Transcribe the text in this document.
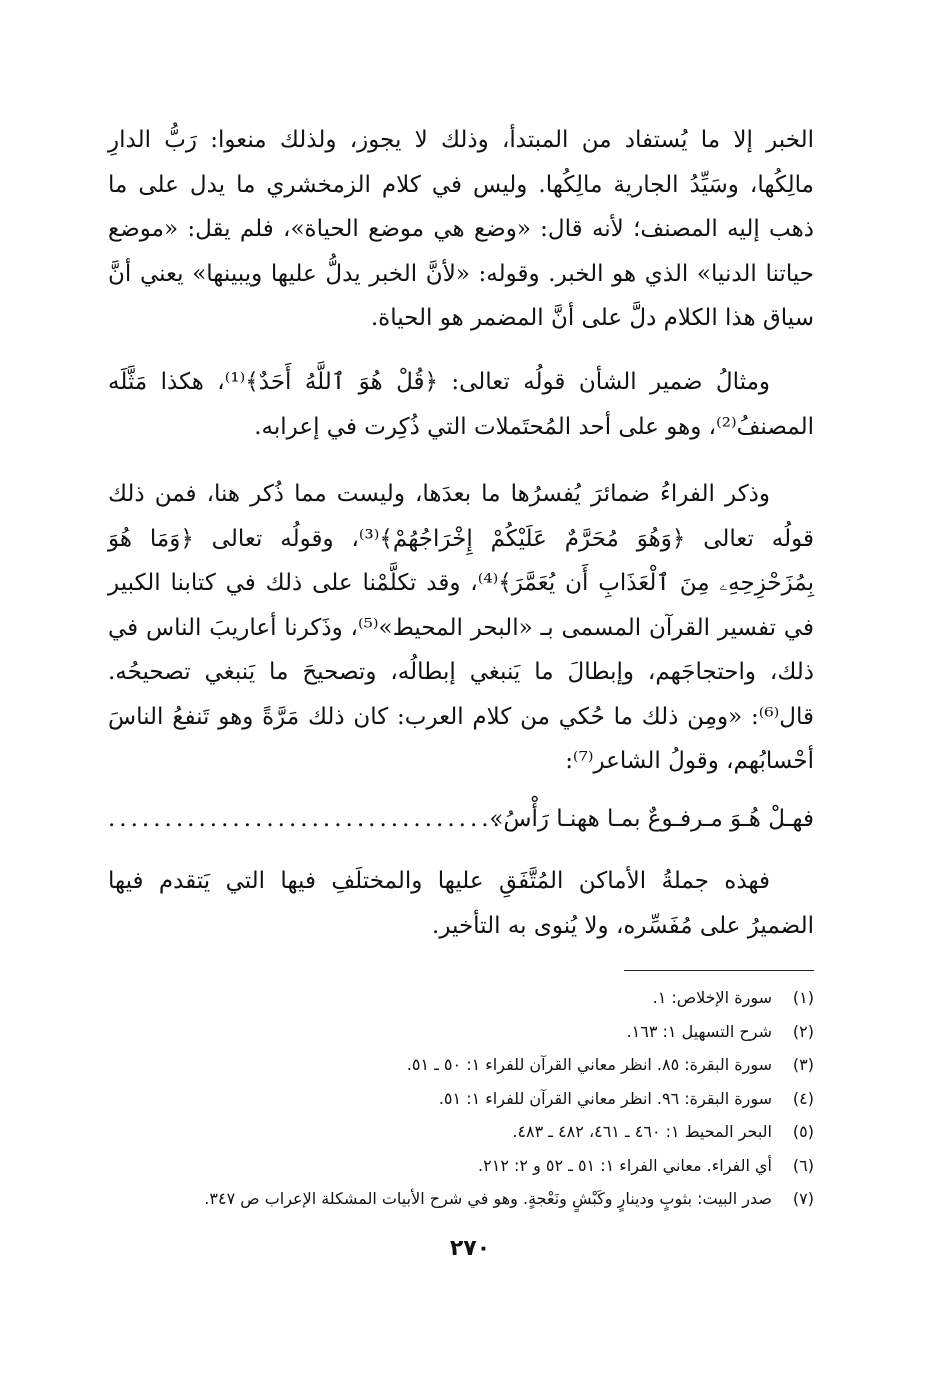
الخبر إلا ما يُستفاد من المبتدأ، وذلك لا يجوز، ولذلك منعوا: رَبُّ الدارِ مالِكُها، وسَيِّدُ الجارية مالِكُها. وليس في كلام الزمخشري ما يدل على ما ذهب إليه المصنف؛ لأنه قال: «وضع هي موضع الحياة»، فلم يقل: «موضع حياتنا الدنيا» الذي هو الخبر. وقوله: «لأنَّ الخبر يدلُّ عليها ويبينها» يعني أنَّ سياق هذا الكلام دلَّ على أنَّ المضمر هو الحياة.

ومثالُ ضمير الشأن قولُه تعالى: ﴿قُلْ هُوَ ٱللَّهُ أَحَدٌ﴾⁽¹⁾، هكذا مَثَّلَه المصنفُ⁽²⁾، وهو على أحد المُحتَملات التي ذُكِرت في إعرابه.

وذكر الفراءُ ضمائرَ يُفسرُها ما بعدَها، وليست مما ذُكر هنا، فمن ذلك قولُه تعالى ﴿وَهُوَ مُحَرَّمٌ عَلَيْكُمْ إِخْرَاجُهُمْ﴾⁽³⁾، وقولُه تعالى ﴿وَمَا هُوَ بِمُزَحْزِحِهِۦ مِنَ ٱلْعَذَابِ أَن يُعَمَّرَ﴾⁽⁴⁾، وقد تكلَّمْنا على ذلك في كتابنا الكبير في تفسير القرآن المسمى بـ «البحر المحيط»⁽⁵⁾، وذَكرنا أعاريبَ الناس في ذلك، واحتجاجَهم، وإبطالَ ما يَنبغي إبطالُه، وتصحيحَ ما يَنبغي تصحيحُه. قال⁽⁶⁾: «ومِن ذلك ما حُكي من كلام العرب: كان ذلك مَرَّةً وهو تَنفعُ الناسَ أحْسابُهم، وقولُ الشاعر⁽⁷⁾:

فهـلْ هُـوَ مـرفـوعٌ بمـا ههنـا رَأْسُ»
...................................

فهذه جملةُ الأماكن المُتَّفَقِ عليها والمختلَفِ فيها التي يَتقدم فيها الضميرُ على مُفَسِّره، ولا يُنوى به التأخير.

(١)
سورة الإخلاص: ١.
(٢)
شرح التسهيل ١: ١٦٣.
(٣)
سورة البقرة: ٨٥. انظر معاني القرآن للفراء ١: ٥٠ ـ ٥١.
(٤)
سورة البقرة: ٩٦. انظر معاني القرآن للفراء ١: ٥١.
(٥)
البحر المحيط ١: ٤٦٠ ـ ٤٦١، ٤٨٢ ـ ٤٨٣.
(٦)
أي الفراء. معاني الفراء ١: ٥١ ـ ٥٢ و ٢: ٢١٢.
(٧)
صدر البيت: بثوبٍ ودينارٍ وكَبْشٍ ونَعْجةٍ. وهو في شرح الأبيات المشكلة الإعراب ص ٣٤٧.
٢٧٠
